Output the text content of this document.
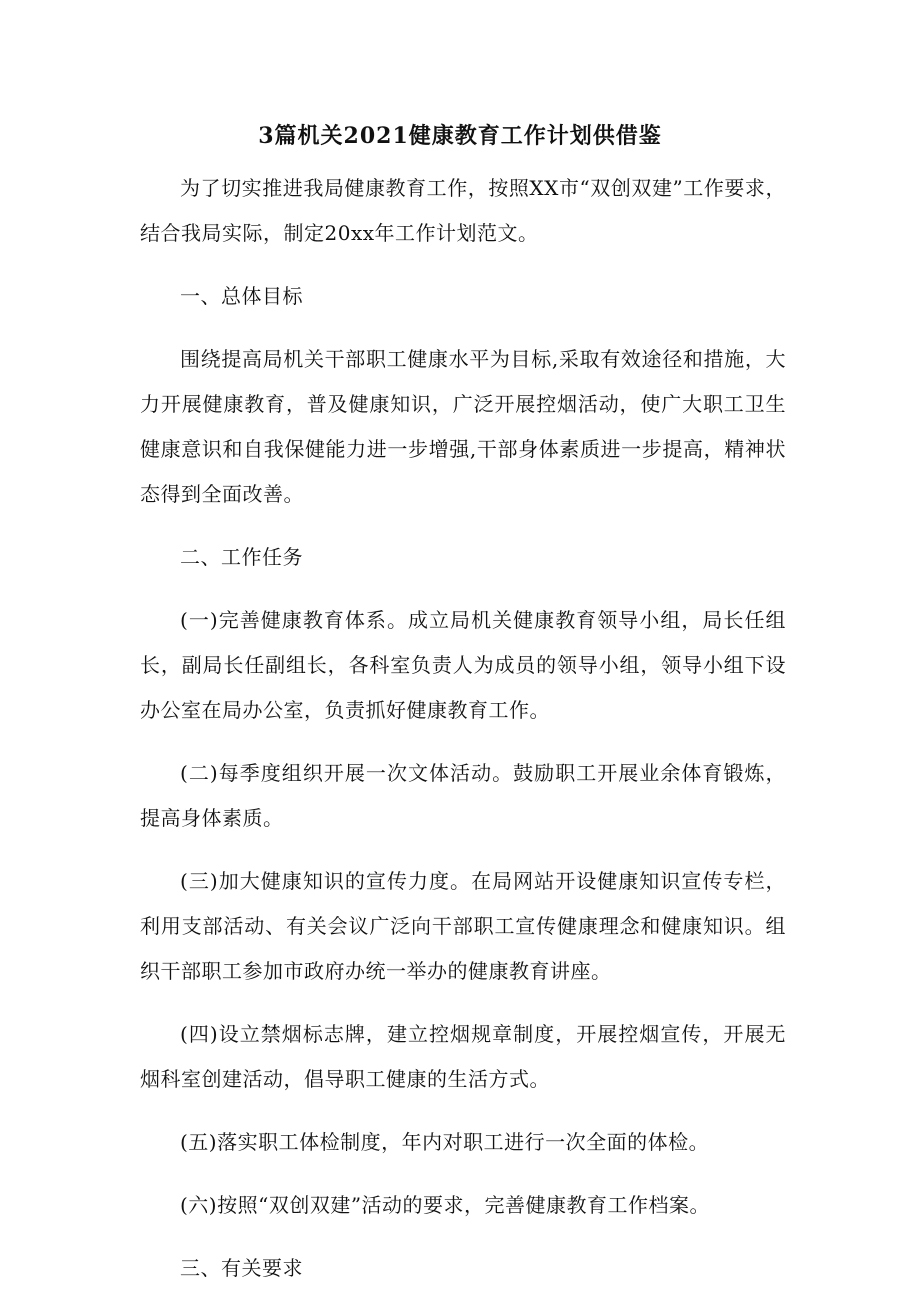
3篇机关2021健康教育工作计划供借鉴

为了切实推进我局健康教育工作，按照XX市“双创双建”工作要求，结合我局实际，制定20xx年工作计划范文。

一、总体目标

围绕提高局机关干部职工健康水平为目标,采取有效途径和措施，大力开展健康教育，普及健康知识，广泛开展控烟活动，使广大职工卫生健康意识和自我保健能力进一步增强,干部身体素质进一步提高，精神状态得到全面改善。

二、工作任务

(一)完善健康教育体系。成立局机关健康教育领导小组，局长任组长，副局长任副组长，各科室负责人为成员的领导小组，领导小组下设办公室在局办公室，负责抓好健康教育工作。

(二)每季度组织开展一次文体活动。鼓励职工开展业余体育锻炼，提高身体素质。

(三)加大健康知识的宣传力度。在局网站开设健康知识宣传专栏，利用支部活动、有关会议广泛向干部职工宣传健康理念和健康知识。组织干部职工参加市政府办统一举办的健康教育讲座。

(四)设立禁烟标志牌，建立控烟规章制度，开展控烟宣传，开展无烟科室创建活动，倡导职工健康的生活方式。

(五)落实职工体检制度，年内对职工进行一次全面的体检。

(六)按照“双创双建”活动的要求，完善健康教育工作档案。

三、有关要求
